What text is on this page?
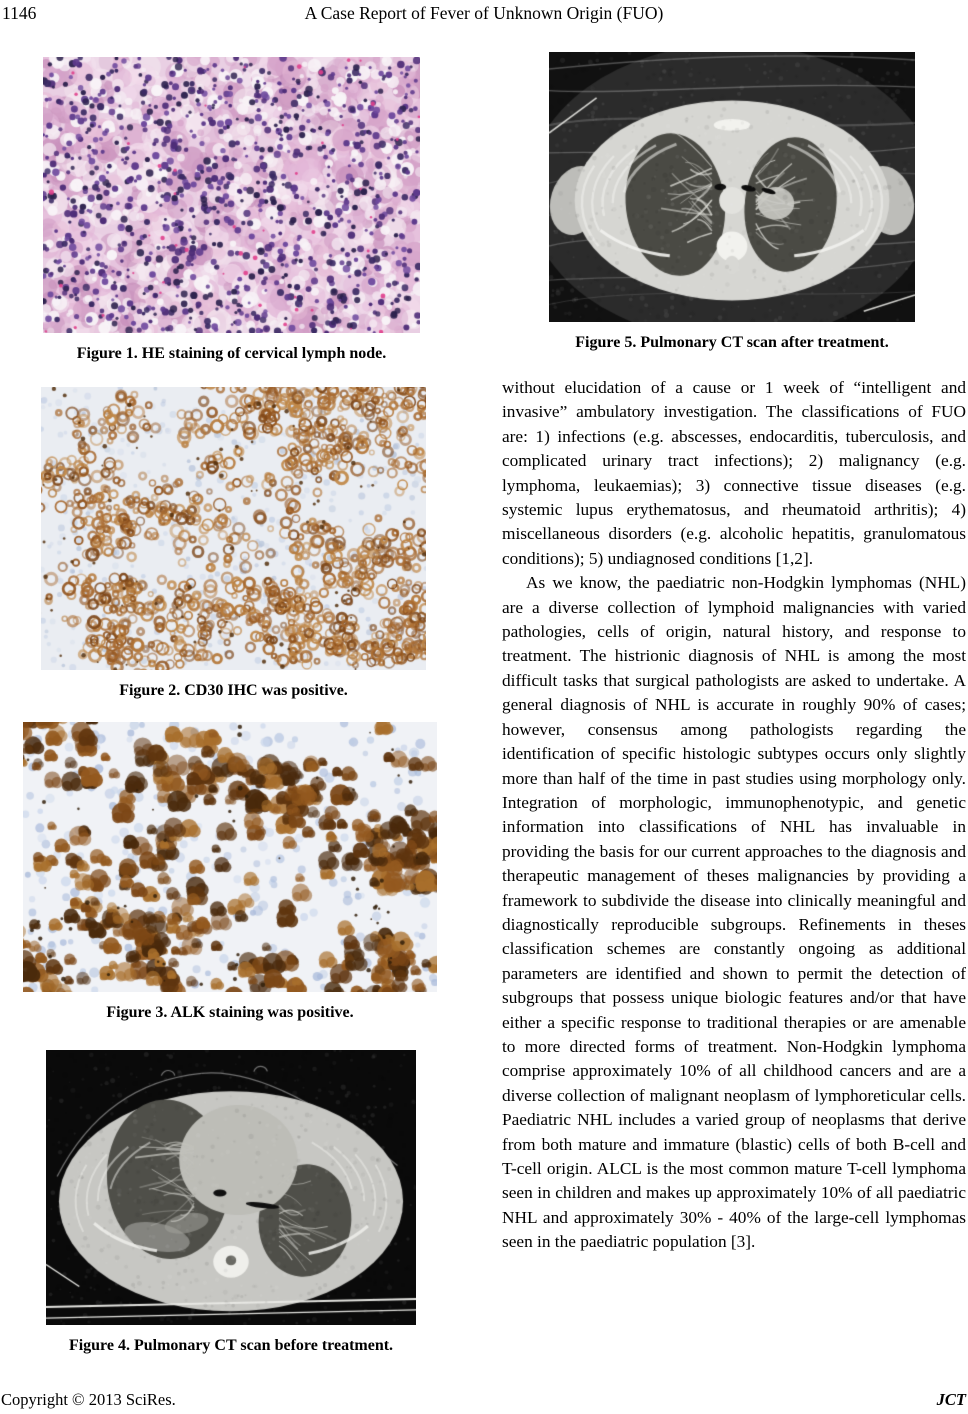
1146	A Case Report of Fever of Unknown Origin (FUO)
Figure 1. HE staining of cervical lymph node.
Figure 2. CD30 IHC was positive.
Figure 3. ALK staining was positive.
Figure 4. Pulmonary CT scan before treatment.
Figure 5. Pulmonary CT scan after treatment.

without elucidation of a cause or 1 week of “intelligent and invasive” ambulatory investigation. The classifications of FUO are: 1) infections (e.g. abscesses, endocarditis, tuberculosis, and complicated urinary tract infections); 2) malignancy (e.g. lymphoma, leukaemias); 3) connective tissue diseases (e.g. systemic lupus erythematosus, and rheumatoid arthritis); 4) miscellaneous disorders (e.g. alcoholic hepatitis, granulomatous conditions); 5) undiagnosed conditions [1,2].

As we know, the paediatric non-Hodgkin lymphomas (NHL) are a diverse collection of lymphoid malignancies with varied pathologies, cells of origin, natural history, and response to treatment. The histrionic diagnosis of NHL is among the most difficult tasks that surgical pathologists are asked to undertake. A general diagnosis of NHL is accurate in roughly 90% of cases; however, consensus among pathologists regarding the identification of specific histologic subtypes occurs only slightly more than half of the time in past studies using morphology only. Integration of morphologic, immunophenotypic, and genetic information into classifications of NHL has invaluable in providing the basis for our current approaches to the diagnosis and therapeutic management of theses malignancies by providing a framework to subdivide the disease into clinically meaningful and diagnostically reproducible subgroups. Refinements in theses classification schemes are constantly ongoing as additional parameters are identified and shown to permit the detection of subgroups that possess unique biologic features and/or that have either a specific response to traditional therapies or are amenable to more directed forms of treatment. Non-Hodgkin lymphoma comprise approximately 10% of all childhood cancers and are a diverse collection of malignant neoplasm of lymphoreticular cells. Paediatric NHL includes a varied group of neoplasms that derive from both mature and immature (blastic) cells of both B-cell and T-cell origin. ALCL is the most common mature T-cell lymphoma seen in children and makes up approximately 10% of all paediatric NHL and approximately 30% - 40% of the large-cell lymphomas seen in the paediatric population [3].

Copyright © 2013 SciRes.	JCT
